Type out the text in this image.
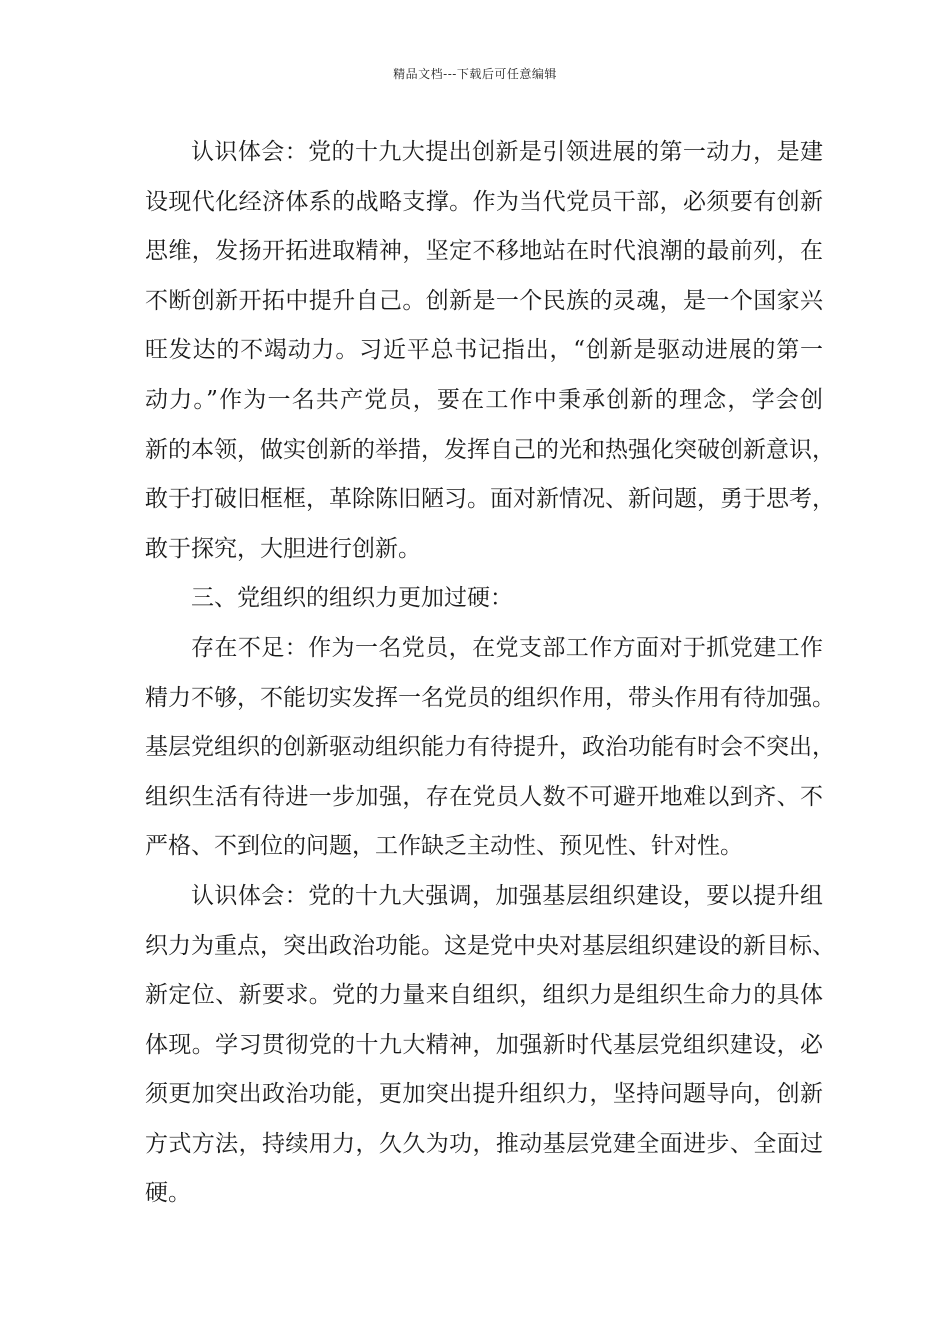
精品文档---下载后可任意编辑
认识体会：党的十九大提出创新是引领进展的第一动力，是建
设现代化经济体系的战略支撑。作为当代党员干部，必须要有创新
思维，发扬开拓进取精神，坚定不移地站在时代浪潮的最前列，在
不断创新开拓中提升自己。创新是一个民族的灵魂，是一个国家兴
旺发达的不竭动力。习近平总书记指出，“创新是驱动进展的第一
动力。”作为一名共产党员，要在工作中秉承创新的理念，学会创
新的本领，做实创新的举措，发挥自己的光和热强化突破创新意识，
敢于打破旧框框，革除陈旧陋习。面对新情况、新问题，勇于思考，
敢于探究，大胆进行创新。
三、党组织的组织力更加过硬：
存在不足：作为一名党员，在党支部工作方面对于抓党建工作
精力不够，不能切实发挥一名党员的组织作用，带头作用有待加强。
基层党组织的创新驱动组织能力有待提升，政治功能有时会不突出，
组织生活有待进一步加强，存在党员人数不可避开地难以到齐、不
严格、不到位的问题，工作缺乏主动性、预见性、针对性。
认识体会：党的十九大强调，加强基层组织建设，要以提升组
织力为重点，突出政治功能。这是党中央对基层组织建设的新目标、
新定位、新要求。党的力量来自组织，组织力是组织生命力的具体
体现。学习贯彻党的十九大精神，加强新时代基层党组织建设，必
须更加突出政治功能，更加突出提升组织力，坚持问题导向，创新
方式方法，持续用力，久久为功，推动基层党建全面进步、全面过
硬。
